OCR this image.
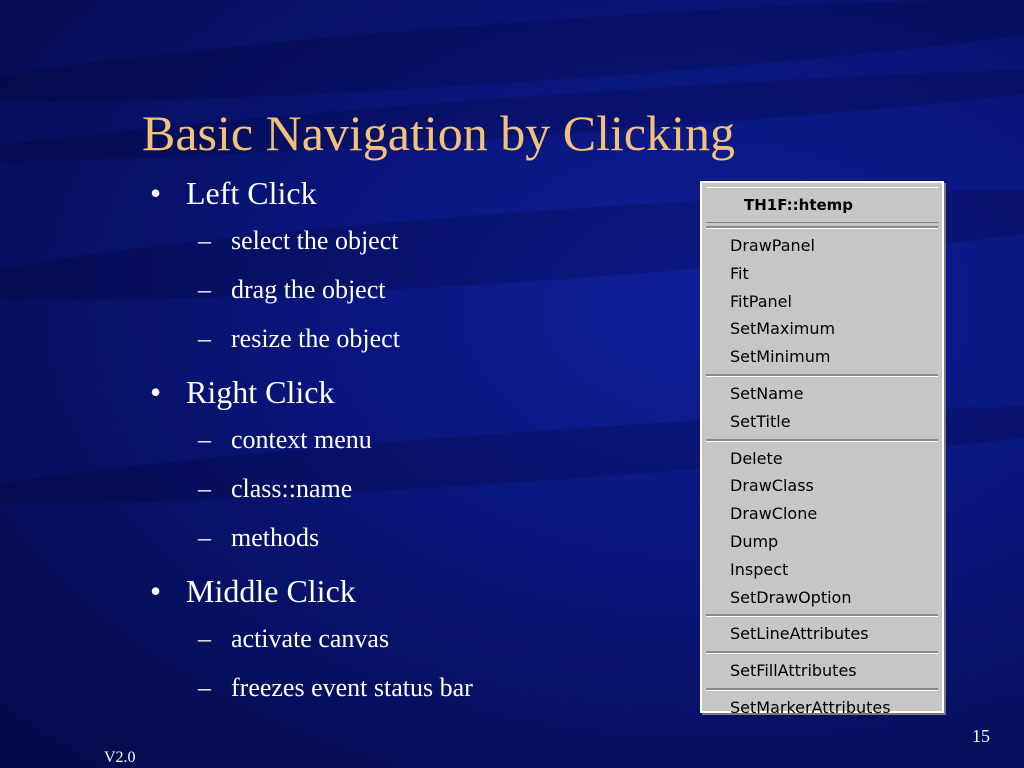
Basic Navigation by Clicking
• Left Click
– select the object
– drag the object
– resize the object
• Right Click
– context menu
– class::name
– methods
• Middle Click
– activate canvas
– freezes event status bar
TH1F::htemp
DrawPanel
Fit
FitPanel
SetMaximum
SetMinimum
SetName
SetTitle
Delete
DrawClass
DrawClone
Dump
Inspect
SetDrawOption
SetLineAttributes
SetFillAttributes
SetMarkerAttributes
V2.0
15
